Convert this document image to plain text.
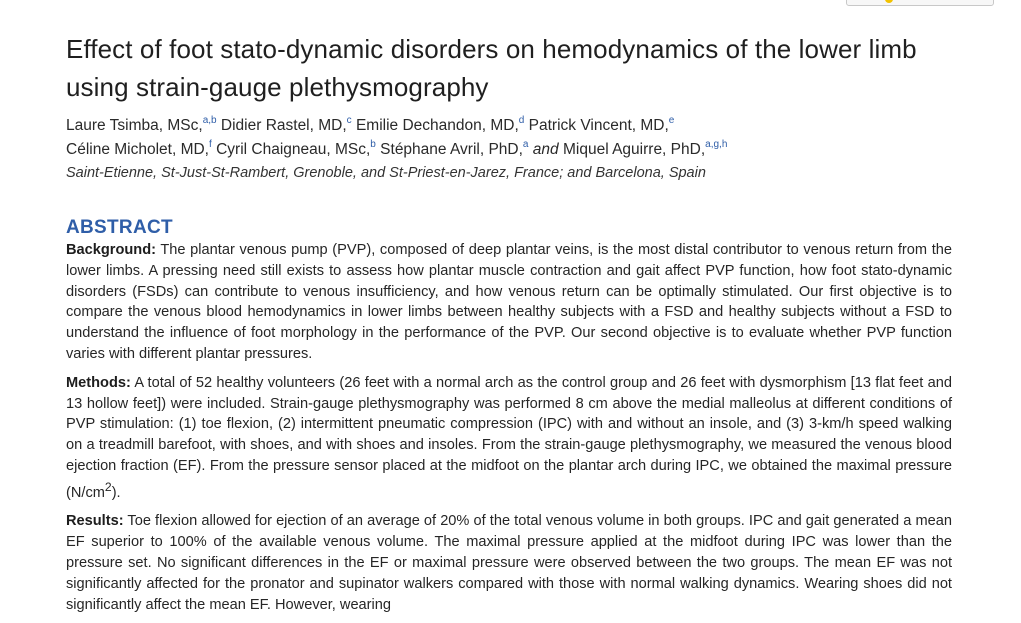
Effect of foot stato-dynamic disorders on hemodynamics of the lower limb using strain-gauge plethysmography
Laure Tsimba, MSc,$^{a,b}$ Didier Rastel, MD,$^c$ Emilie Dechandon, MD,$^d$ Patrick Vincent, MD,$^e$
Céline Micholet, MD,$^f$ Cyril Chaigneau, MSc,$^b$ Stéphane Avril, PhD,$^a$ and Miquel Aguirre, PhD,$^{a,g,h}$
Saint-Etienne, St-Just-St-Rambert, Grenoble, and St-Priest-en-Jarez, France; and Barcelona, Spain
ABSTRACT

Background: The plantar venous pump (PVP), composed of deep plantar veins, is the most distal contributor to venous return from the lower limbs. A pressing need still exists to assess how plantar muscle contraction and gait affect PVP function, how foot stato-dynamic disorders (FSDs) can contribute to venous insufficiency, and how venous return can be optimally stimulated. Our first objective is to compare the venous blood hemodynamics in lower limbs between healthy subjects with a FSD and healthy subjects without a FSD to understand the influence of foot morphology in the performance of the PVP. Our second objective is to evaluate whether PVP function varies with different plantar pressures.

Methods: A total of 52 healthy volunteers (26 feet with a normal arch as the control group and 26 feet with dysmorphism [13 flat feet and 13 hollow feet]) were included. Strain-gauge plethysmography was performed 8 cm above the medial malleolus at different conditions of PVP stimulation: (1) toe flexion, (2) intermittent pneumatic compression (IPC) with and without an insole, and (3) 3-km/h speed walking on a treadmill barefoot, with shoes, and with shoes and insoles. From the strain-gauge plethysmography, we measured the venous blood ejection fraction (EF). From the pressure sensor placed at the midfoot on the plantar arch during IPC, we obtained the maximal pressure $(N/cm^2)$.

Results: Toe flexion allowed for ejection of an average of 20% of the total venous volume in both groups. IPC and gait generated a mean EF superior to 100% of the available venous volume. The maximal pressure applied at the midfoot during IPC was lower than the pressure set. No significant differences in the EF or maximal pressure were observed between the two groups. The mean EF was not significantly affected for the pronator and supinator walkers compared with those with normal walking dynamics. Wearing shoes did not significantly affect the mean EF. However, wearing
